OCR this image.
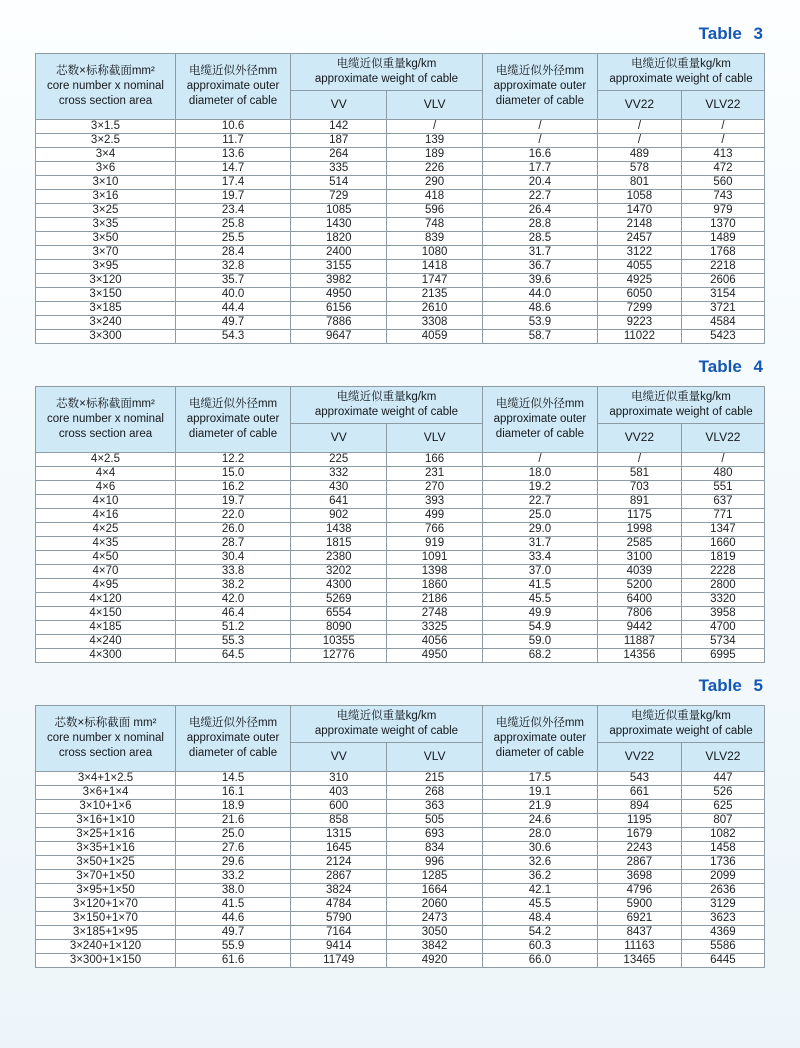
Table 3
芯数×标称截面mm²
core number x nominal
cross section area	电缆近似外径mm
approximate outer
diameter of cable	电缆近似重量kg/km
approximate weight of cable		电缆近似外径mm
approximate outer
diameter of cable	电缆近似重量kg/km
approximate weight of cable	

		VV	VLV		VV22	VLV22
3×1.5	10.6	142	/	/	/	/
3×2.5	11.7	187	139	/	/	/
3×4	13.6	264	189	16.6	489	413
3×6	14.7	335	226	17.7	578	472
3×10	17.4	514	290	20.4	801	560
3×16	19.7	729	418	22.7	1058	743
3×25	23.4	1085	596	26.4	1470	979
3×35	25.8	1430	748	28.8	2148	1370
3×50	25.5	1820	839	28.5	2457	1489
3×70	28.4	2400	1080	31.7	3122	1768
3×95	32.8	3155	1418	36.7	4055	2218
3×120	35.7	3982	1747	39.6	4925	2606
3×150	40.0	4950	2135	44.0	6050	3154
3×185	44.4	6156	2610	48.6	7299	3721
3×240	49.7	7886	3308	53.9	9223	4584
3×300	54.3	9647	4059	58.7	11022	5423
Table 4
芯数×标称截面mm²
core number x nominal
cross section area	电缆近似外径mm
approximate outer
diameter of cable	电缆近似重量kg/km
approximate weight of cable		电缆近似外径mm
approximate outer
diameter of cable	电缆近似重量kg/km
approximate weight of cable	

		VV	VLV		VV22	VLV22
4×2.5	12.2	225	166	/	/	/
4×4	15.0	332	231	18.0	581	480
4×6	16.2	430	270	19.2	703	551
4×10	19.7	641	393	22.7	891	637
4×16	22.0	902	499	25.0	1175	771
4×25	26.0	1438	766	29.0	1998	1347
4×35	28.7	1815	919	31.7	2585	1660
4×50	30.4	2380	1091	33.4	3100	1819
4×70	33.8	3202	1398	37.0	4039	2228
4×95	38.2	4300	1860	41.5	5200	2800
4×120	42.0	5269	2186	45.5	6400	3320
4×150	46.4	6554	2748	49.9	7806	3958
4×185	51.2	8090	3325	54.9	9442	4700
4×240	55.3	10355	4056	59.0	11887	5734
4×300	64.5	12776	4950	68.2	14356	6995
Table 5
芯数×标称截面 mm²
core number x nominal
cross section area	电缆近似外径mm
approximate outer
diameter of cable	电缆近似重量kg/km
approximate weight of cable		电缆近似外径mm
approximate outer
diameter of cable	电缆近似重量kg/km
approximate weight of cable	

		VV	VLV		VV22	VLV22
3×4+1×2.5	14.5	310	215	17.5	543	447
3×6+1×4	16.1	403	268	19.1	661	526
3×10+1×6	18.9	600	363	21.9	894	625
3×16+1×10	21.6	858	505	24.6	1195	807
3×25+1×16	25.0	1315	693	28.0	1679	1082
3×35+1×16	27.6	1645	834	30.6	2243	1458
3×50+1×25	29.6	2124	996	32.6	2867	1736
3×70+1×50	33.2	2867	1285	36.2	3698	2099
3×95+1×50	38.0	3824	1664	42.1	4796	2636
3×120+1×70	41.5	4784	2060	45.5	5900	3129
3×150+1×70	44.6	5790	2473	48.4	6921	3623
3×185+1×95	49.7	7164	3050	54.2	8437	4369
3×240+1×120	55.9	9414	3842	60.3	11163	5586
3×300+1×150	61.6	11749	4920	66.0	13465	6445
